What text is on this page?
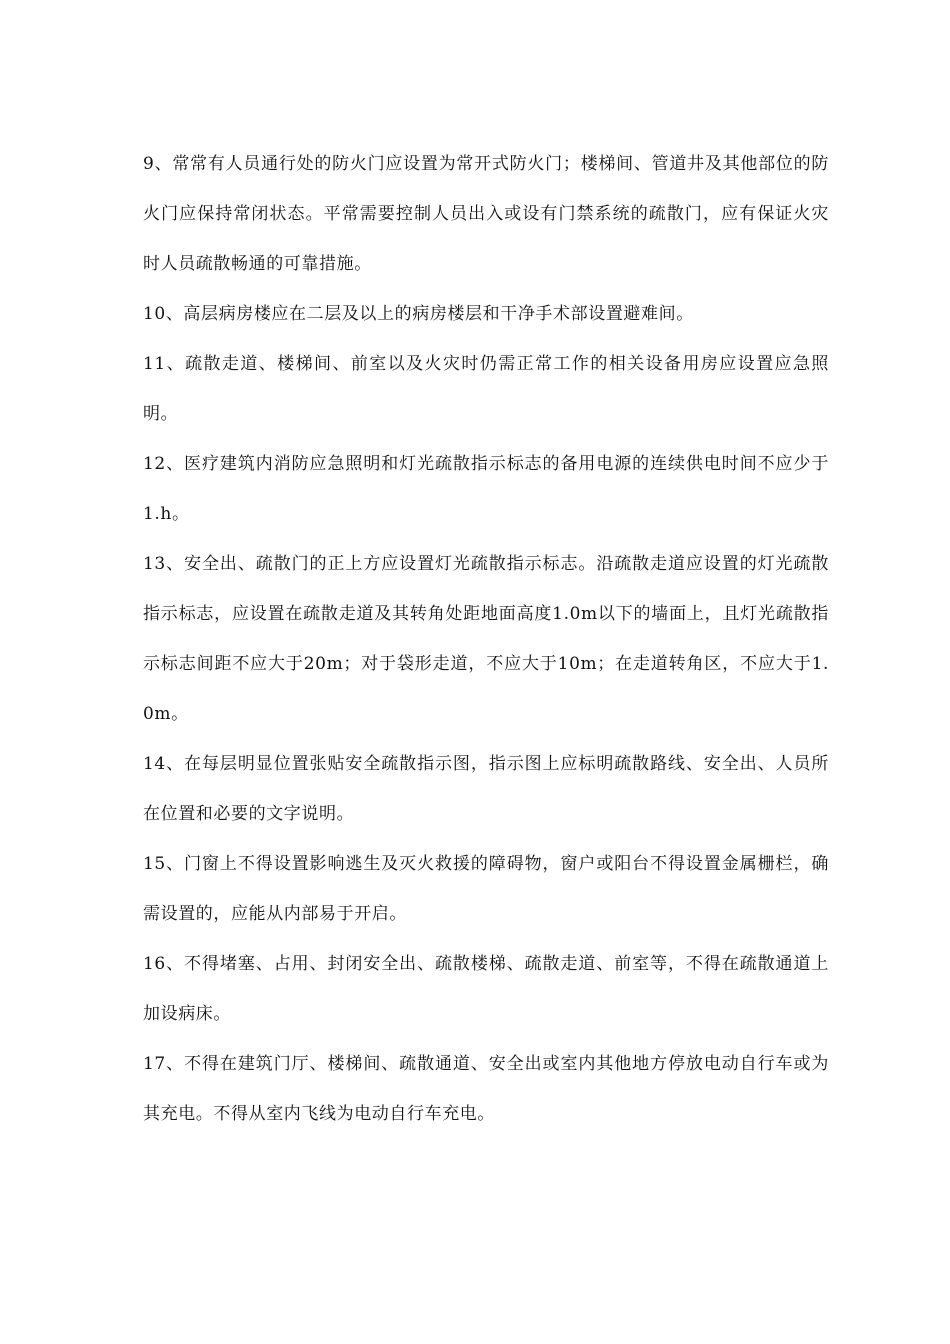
9、常常有人员通行处的防火门应设置为常开式防火门；楼梯间、管道井及其他部位的防火门应保持常闭状态。平常需要控制人员出入或设有门禁系统的疏散门，应有保证火灾时人员疏散畅通的可靠措施。

10、高层病房楼应在二层及以上的病房楼层和干净手术部设置避难间。

11、疏散走道、楼梯间、前室以及火灾时仍需正常工作的相关设备用房应设置应急照明。

12、医疗建筑内消防应急照明和灯光疏散指示标志的备用电源的连续供电时间不应少于1.h。

13、安全出、疏散门的正上方应设置灯光疏散指示标志。沿疏散走道应设置的灯光疏散指示标志，应设置在疏散走道及其转角处距地面高度1.0m以下的墙面上，且灯光疏散指示标志间距不应大于20m；对于袋形走道，不应大于10m；在走道转角区，不应大于1.0m。

14、在每层明显位置张贴安全疏散指示图，指示图上应标明疏散路线、安全出、人员所在位置和必要的文字说明。

15、门窗上不得设置影响逃生及灭火救援的障碍物，窗户或阳台不得设置金属栅栏，确需设置的，应能从内部易于开启。

16、不得堵塞、占用、封闭安全出、疏散楼梯、疏散走道、前室等，不得在疏散通道上加设病床。

17、不得在建筑门厅、楼梯间、疏散通道、安全出或室内其他地方停放电动自行车或为其充电。不得从室内飞线为电动自行车充电。
